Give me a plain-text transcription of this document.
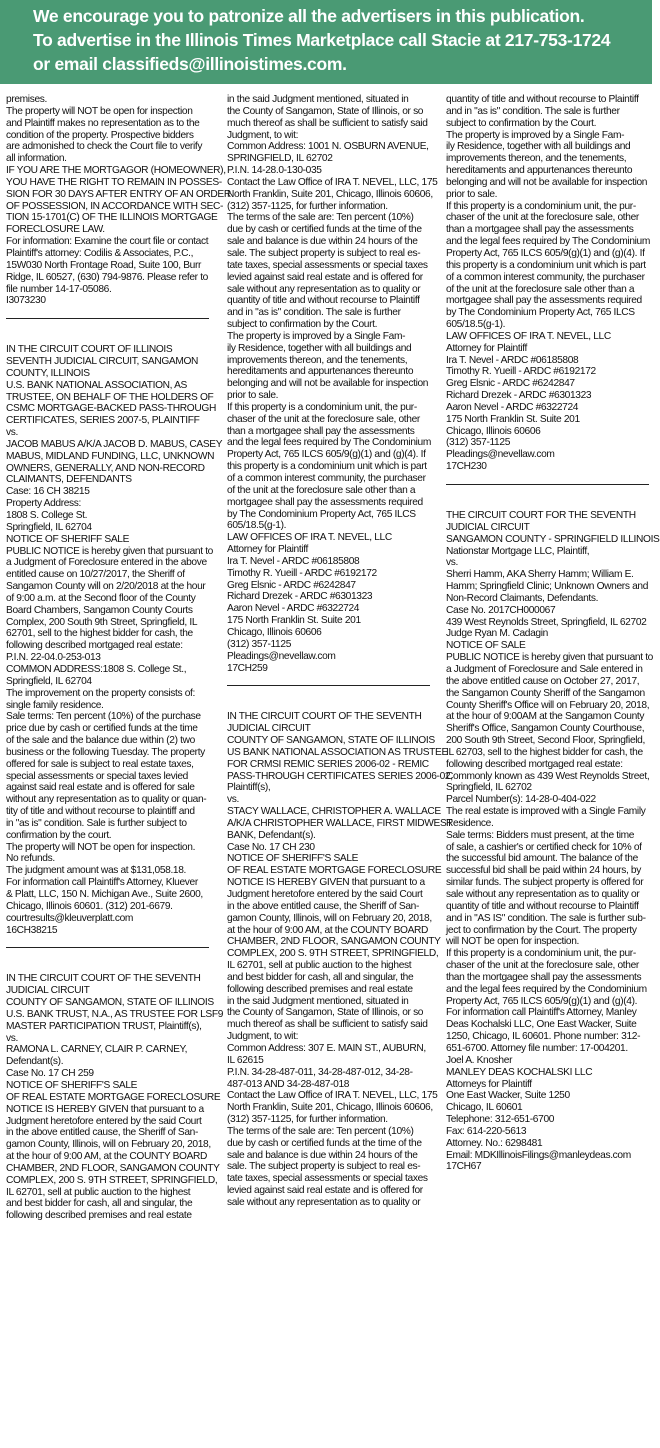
We encourage you to patronize all the advertisers in this publication.
To advertise in the Illinois Times Marketplace call Stacie at 217-753-1724
or email classifieds@illinoistimes.com.
premises.
The property will NOT be open for inspection
and Plaintiff makes no representation as to the
condition of the property. Prospective bidders
are admonished to check the Court file to verify
all information.
IF YOU ARE THE MORTGAGOR (HOMEOWNER),
YOU HAVE THE RIGHT TO REMAIN IN POSSES-
SION FOR 30 DAYS AFTER ENTRY OF AN ORDER
OF POSSESSION, IN ACCORDANCE WITH SEC-
TION 15-1701(C) OF THE ILLINOIS MORTGAGE
FORECLOSURE LAW.
For information: Examine the court file or contact
Plaintiff's attorney: Codilis & Associates, P.C.,
15W030 North Frontage Road, Suite 100, Burr
Ridge, IL 60527, (630) 794-9876. Please refer to
file number 14-17-05086.
I3073230
IN THE CIRCUIT COURT OF ILLINOIS
SEVENTH JUDICIAL CIRCUIT, SANGAMON
COUNTY, ILLINOIS
U.S. BANK NATIONAL ASSOCIATION, AS
TRUSTEE, ON BEHALF OF THE HOLDERS OF
CSMC MORTGAGE-BACKED PASS-THROUGH
CERTIFICATES, SERIES 2007-5, PLAINTIFF
vs.
JACOB MABUS A/K/A JACOB D. MABUS, CASEY
MABUS, MIDLAND FUNDING, LLC, UNKNOWN
OWNERS, GENERALLY, AND NON-RECORD
CLAIMANTS, DEFENDANTS
Case: 16 CH 38215
Property Address:
1808 S. College St.
Springfield, IL 62704
NOTICE OF SHERIFF SALE
PUBLIC NOTICE is hereby given that pursuant to
a Judgment of Foreclosure entered in the above
entitled cause on 10/27/2017, the Sheriff of
Sangamon County will on 2/20/2018 at the hour
of 9:00 a.m. at the Second floor of the County
Board Chambers, Sangamon County Courts
Complex, 200 South 9th Street, Springfield, IL
62701, sell to the highest bidder for cash, the
following described mortgaged real estate:
P.I.N. 22-04.0-253-013
COMMON ADDRESS:1808 S. College St.,
Springfield, IL 62704
The improvement on the property consists of:
single family residence.
Sale terms: Ten percent (10%) of the purchase
price due by cash or certified funds at the time
of the sale and the balance due within (2) two
business or the following Tuesday. The property
offered for sale is subject to real estate taxes,
special assessments or special taxes levied
against said real estate and is offered for sale
without any representation as to quality or quan-
tity of title and without recourse to plaintiff and
in "as is" condition. Sale is further subject to
confirmation by the court.
The property will NOT be open for inspection.
No refunds.
The judgment amount was at $131,058.18.
For information call Plaintiff's Attorney, Kluever
& Platt, LLC, 150 N. Michigan Ave., Suite 2600,
Chicago, Illinois 60601. (312) 201-6679.
courtresults@kleuverplatt.com
16CH38215
IN THE CIRCUIT COURT OF THE SEVENTH
JUDICIAL CIRCUIT
COUNTY OF SANGAMON, STATE OF ILLINOIS
U.S. BANK TRUST, N.A., AS TRUSTEE FOR LSF9
MASTER PARTICIPATION TRUST, Plaintiff(s),
vs.
RAMONA L. CARNEY, CLAIR P. CARNEY,
Defendant(s).
Case No. 17 CH 259
NOTICE OF SHERIFF'S SALE
OF REAL ESTATE MORTGAGE FORECLOSURE
NOTICE IS HEREBY GIVEN that pursuant to a
Judgment heretofore entered by the said Court
in the above entitled cause, the Sheriff of San-
gamon County, Illinois, will on February 20, 2018,
at the hour of 9:00 AM, at the COUNTY BOARD
CHAMBER, 2ND FLOOR, SANGAMON COUNTY
COMPLEX, 200 S. 9TH STREET, SPRINGFIELD,
IL 62701, sell at public auction to the highest
and best bidder for cash, all and singular, the
following described premises and real estate
in the said Judgment mentioned, situated in
the County of Sangamon, State of Illinois, or so
much thereof as shall be sufficient to satisfy said
Judgment, to wit:
Common Address: 1001 N. OSBURN AVENUE,
SPRINGFIELD, IL 62702
P.I.N. 14-28.0-130-035
Contact the Law Office of IRA T. NEVEL, LLC, 175
North Franklin, Suite 201, Chicago, Illinois 60606,
(312) 357-1125, for further information.
The terms of the sale are: Ten percent (10%)
due by cash or certified funds at the time of the
sale and balance is due within 24 hours of the
sale. The subject property is subject to real es-
tate taxes, special assessments or special taxes
levied against said real estate and is offered for
sale without any representation as to quality or
quantity of title and without recourse to Plaintiff
and in "as is" condition. The sale is further
subject to confirmation by the Court.
The property is improved by a Single Fam-
ily Residence, together with all buildings and
improvements thereon, and the tenements,
hereditaments and appurtenances thereunto
belonging and will not be available for inspection
prior to sale.
If this property is a condominium unit, the pur-
chaser of the unit at the foreclosure sale, other
than a mortgagee shall pay the assessments
and the legal fees required by The Condominium
Property Act, 765 ILCS 605/9(g)(1) and (g)(4). If
this property is a condominium unit which is part
of a common interest community, the purchaser
of the unit at the foreclosure sale other than a
mortgagee shall pay the assessments required
by The Condominium Property Act, 765 ILCS
605/18.5(g-1).
LAW OFFICES OF IRA T. NEVEL, LLC
Attorney for Plaintiff
Ira T. Nevel - ARDC #06185808
Timothy R. Yueill - ARDC #6192172
Greg Elsnic - ARDC #6242847
Richard Drezek - ARDC #6301323
Aaron Nevel - ARDC #6322724
175 North Franklin St. Suite 201
Chicago, Illinois 60606
(312) 357-1125
Pleadings@nevellaw.com
17CH259
IN THE CIRCUIT COURT OF THE SEVENTH
JUDICIAL CIRCUIT
COUNTY OF SANGAMON, STATE OF ILLINOIS
US BANK NATIONAL ASSOCIATION AS TRUSTEE
FOR CRMSI REMIC SERIES 2006-02 - REMIC
PASS-THROUGH CERTIFICATES SERIES 2006-02,
Plaintiff(s),
vs.
STACY WALLACE, CHRISTOPHER A. WALLACE
A/K/A CHRISTOPHER WALLACE, FIRST MIDWEST
BANK, Defendant(s).
Case No. 17 CH 230
NOTICE OF SHERIFF'S SALE
OF REAL ESTATE MORTGAGE FORECLOSURE
NOTICE IS HEREBY GIVEN that pursuant to a
Judgment heretofore entered by the said Court
in the above entitled cause, the Sheriff of San-
gamon County, Illinois, will on February 20, 2018,
at the hour of 9:00 AM, at the COUNTY BOARD
CHAMBER, 2ND FLOOR, SANGAMON COUNTY
COMPLEX, 200 S. 9TH STREET, SPRINGFIELD,
IL 62701, sell at public auction to the highest
and best bidder for cash, all and singular, the
following described premises and real estate
in the said Judgment mentioned, situated in
the County of Sangamon, State of Illinois, or so
much thereof as shall be sufficient to satisfy said
Judgment, to wit:
Common Address: 307 E. MAIN ST., AUBURN,
IL 62615
P.I.N. 34-28-487-011, 34-28-487-012, 34-28-
487-013 AND 34-28-487-018
Contact the Law Office of IRA T. NEVEL, LLC, 175
North Franklin, Suite 201, Chicago, Illinois 60606,
(312) 357-1125, for further information.
The terms of the sale are: Ten percent (10%)
due by cash or certified funds at the time of the
sale and balance is due within 24 hours of the
sale. The subject property is subject to real es-
tate taxes, special assessments or special taxes
levied against said real estate and is offered for
sale without any representation as to quality or
quantity of title and without recourse to Plaintiff
and in "as is" condition. The sale is further
subject to confirmation by the Court.
The property is improved by a Single Fam-
ily Residence, together with all buildings and
improvements thereon, and the tenements,
hereditaments and appurtenances thereunto
belonging and will not be available for inspection
prior to sale.
If this property is a condominium unit, the pur-
chaser of the unit at the foreclosure sale, other
than a mortgagee shall pay the assessments
and the legal fees required by The Condominium
Property Act, 765 ILCS 605/9(g)(1) and (g)(4). If
this property is a condominium unit which is part
of a common interest community, the purchaser
of the unit at the foreclosure sale other than a
mortgagee shall pay the assessments required
by The Condominium Property Act, 765 ILCS
605/18.5(g-1).
LAW OFFICES OF IRA T. NEVEL, LLC
Attorney for Plaintiff
Ira T. Nevel - ARDC #06185808
Timothy R. Yueill - ARDC #6192172
Greg Elsnic - ARDC #6242847
Richard Drezek - ARDC #6301323
Aaron Nevel - ARDC #6322724
175 North Franklin St. Suite 201
Chicago, Illinois 60606
(312) 357-1125
Pleadings@nevellaw.com
17CH230
THE CIRCUIT COURT FOR THE SEVENTH
JUDICIAL CIRCUIT
SANGAMON COUNTY - SPRINGFIELD ILLINOIS
Nationstar Mortgage LLC, Plaintiff,
vs.
Sherri Hamm, AKA Sherry Hamm; William E.
Hamm; Springfield Clinic; Unknown Owners and
Non-Record Claimants, Defendants.
Case No. 2017CH000067
439 West Reynolds Street, Springfield, IL 62702
Judge Ryan M. Cadagin
NOTICE OF SALE
PUBLIC NOTICE is hereby given that pursuant to
a Judgment of Foreclosure and Sale entered in
the above entitled cause on October 27, 2017,
the Sangamon County Sheriff of the Sangamon
County Sheriff's Office will on February 20, 2018,
at the hour of 9:00AM at the Sangamon County
Sheriff's Office, Sangamon County Courthouse,
200 South 9th Street, Second Floor, Springfield,
IL 62703, sell to the highest bidder for cash, the
following described mortgaged real estate:
Commonly known as 439 West Reynolds Street,
Springfield, IL 62702
Parcel Number(s): 14-28-0-404-022
The real estate is improved with a Single Family
Residence.
Sale terms: Bidders must present, at the time
of sale, a cashier's or certified check for 10% of
the successful bid amount. The balance of the
successful bid shall be paid within 24 hours, by
similar funds. The subject property is offered for
sale without any representation as to quality or
quantity of title and without recourse to Plaintiff
and in "AS IS" condition. The sale is further sub-
ject to confirmation by the Court. The property
will NOT be open for inspection.
If this property is a condominium unit, the pur-
chaser of the unit at the foreclosure sale, other
than the mortgagee shall pay the assessments
and the legal fees required by the Condominium
Property Act, 765 ILCS 605/9(g)(1) and (g)(4).
For information call Plaintiff's Attorney, Manley
Deas Kochalski LLC, One East Wacker, Suite
1250, Chicago, IL 60601. Phone number: 312-
651-6700. Attorney file number: 17-004201.
Joel A. Knosher
MANLEY DEAS KOCHALSKI LLC
Attorneys for Plaintiff
One East Wacker, Suite 1250
Chicago, IL 60601
Telephone: 312-651-6700
Fax: 614-220-5613
Attorney. No.: 6298481
Email: MDKIllinoisFilings@manleydeas.com
17CH67
